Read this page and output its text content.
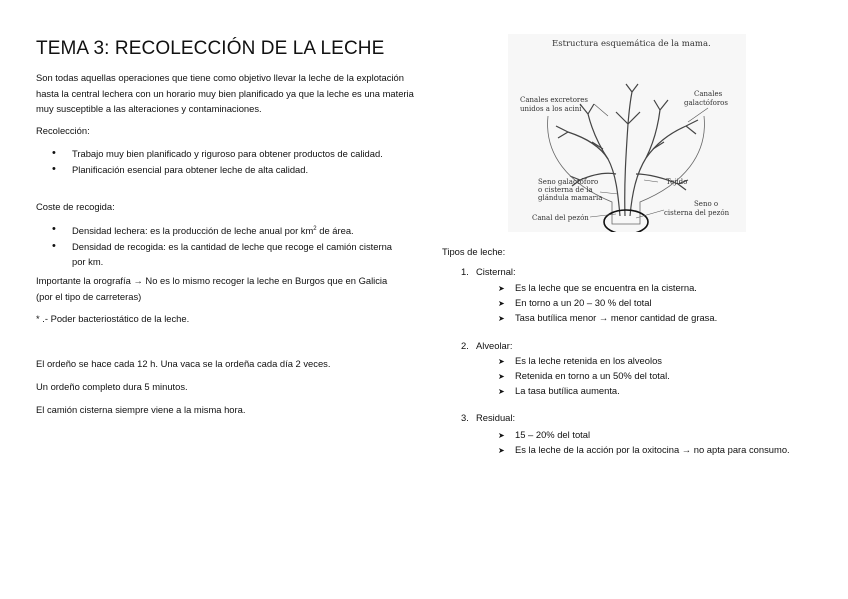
TEMA 3: RECOLECCIÓN DE LA LECHE

Son todas aquellas operaciones que tiene como objetivo llevar la leche de la explotación hasta la central lechera con un horario muy bien planificado ya que la leche es una materia muy susceptible a las alteraciones y contaminaciones.

Recolección:

• Trabajo muy bien planificado y riguroso para obtener productos de calidad.
• Planificación esencial para obtener leche de alta calidad.

Coste de recogida:

• Densidad lechera: es la producción de leche anual por $km^2$ de área.
• Densidad de recogida: es la cantidad de leche que recoge el camión cisterna por km.

Importante la orografía → No es lo mismo recoger la leche en Burgos que en Galicia (por el tipo de carreteras)

* .- Poder bacteriostático de la leche.

El ordeño se hace cada 12 h. Una vaca se la ordeña cada día 2 veces.

Un ordeño completo dura 5 minutos.

El camión cisterna siempre viene a la misma hora.

Estructura esquemática de la mama.
Canales excretores
unidos a los acini
Canales
galactóforos
Seno galactóforo
o cisterna de la
glándula mamaria
Tejido
Canal del pezón
Seno o
cisterna del pezón

Tipos de leche:

1. Cisternal:
➤ Es la leche que se encuentra en la cisterna.
➤ En torno a un 20 – 30 % del total
➤ Tasa butílica menor → menor cantidad de grasa.
2. Alveolar:
➤ Es la leche retenida en los alveolos
➤ Retenida en torno a un 50% del total.
➤ La tasa butílica aumenta.
3. Residual:
➤ 15 – 20% del total
➤ Es la leche de la acción por la oxitocina → no apta para consumo.
